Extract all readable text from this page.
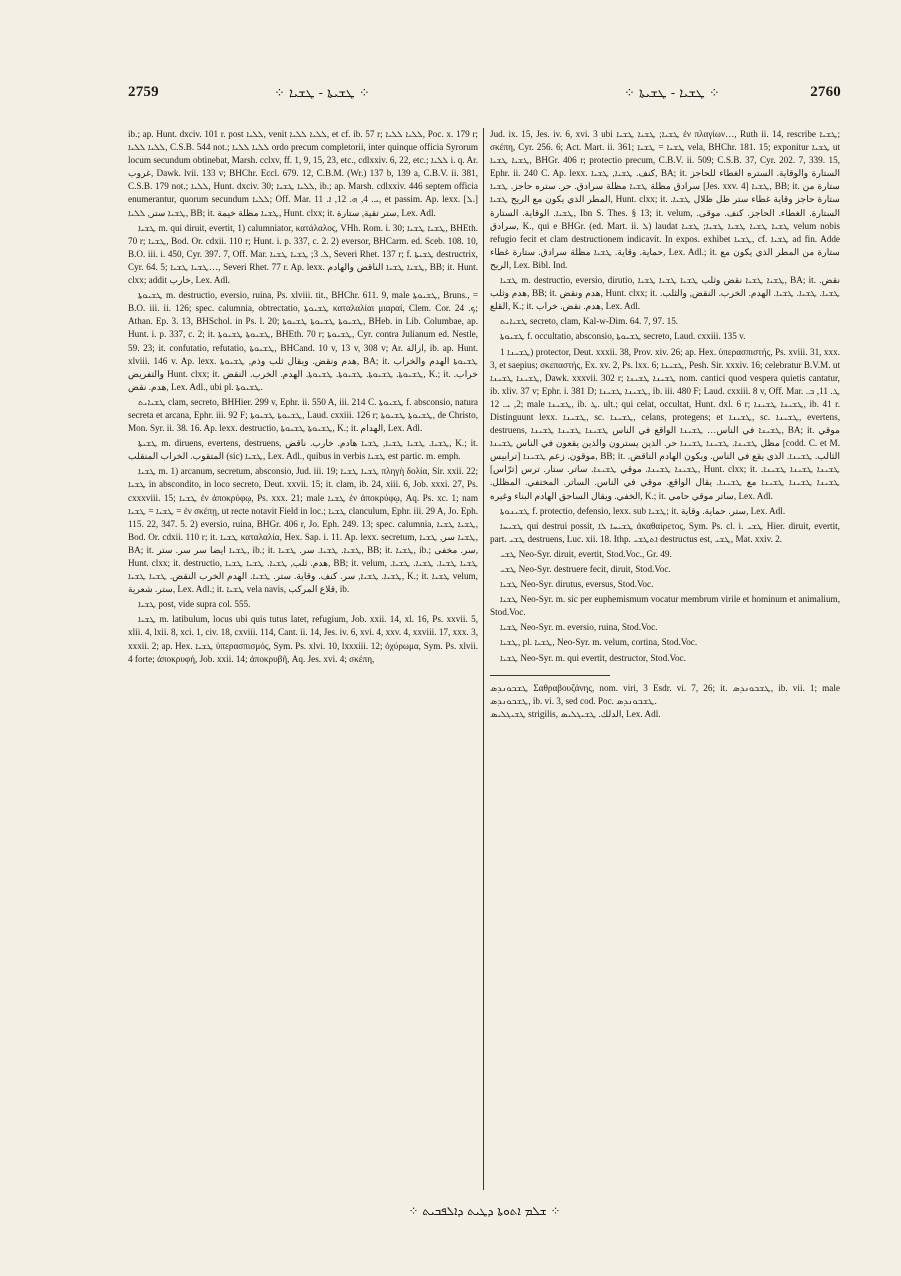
2759	⁘ ܛܫܝܬܐ - ܛܫܝܐ ⁘	⁘ ܛܫܝܐ - ܛܫܝܬܐ ⁘	2760

ib.; ap. Hunt. dxciv. 101 r. post ܠܠܝܐ, venit ܠܠܝܐ ܠܠܝܐ, et cf. ib. 57 r; ܠܠܝܐ ܠܠܝܐ, Poc. x. 179 r; ܠܠܝܐ ܠܠܝܐ, C.S.B. 544 not.; ܠܠܝܐ ܠܠܝܐ ordo precum completorii, inter quinque officia Syrorum locum secundum obtinebat, Marsh. cclxv, ff. 1, 9, 15, 23, etc., cdlxxiv. 6, 22, etc.; ܠܠܝܐ i. q. Ar. غروب, Dawk. lvii. 133 v; BHChr. Eccl. 679. 12, C.B.M. (Wr.) 137 b, 139 a, C.B.V. ii. 381, C.S.B. 179 not.; ܠܠܝܐ, Hunt. dxciv. 30; ܠܠܝܐ ܛܫܝܐ, ib.; ap. Marsh. cdlxxiv. 446 septem officia enumerantur, quorum secundum ܠܠܝܐ; Off. Mar. ܝ. 4, ܗ. 12, ܐ. 11, et passim. Ap. lexx. [ܠ.] ܛܫܝܐ ستر, ܠܠܝܐ, BB; it. ܛܫܝܐ مظلة خيمة, Hunt. clxx; it. ستر تقية, ستارة, Lex. Adl.

ܛܫܝܐ m. qui diruit, evertit, 1) calumniator, κατάλαλος, VHh. Rom. i. 30; ܛܫܝܐ ܛܫܝܐ, BHEth. 70 r; ܛܫܝܐ, Bod. Or. cdxii. 110 r; Hunt. i. p. 337, c. 2. 2) eversor, BHCarm. ed. Sceb. 108. 10, B.O. iii. i. 450, Cyr. 397. 7, Off. Mar. ܠ. 3; ܛܫܝܐ ܛܫܝܐ, Severi Rhet. 137 r; f. ܛܫܝܬܐ destructrix, Cyr. 64. 5; ܛܫܝܐ ܛܫܝܐ…, Severi Rhet. 77 r. Ap. lexx. ܛܫܝܐ ܛܫܝܐ الناقض والهادم, BB; it. Hunt. clxx; addit خارب, Lex. Adl.

ܛܫܝܘܬܐ m. destructio, eversio, ruina, Ps. xlviii. tit., BHChr. 611. 9, male ܛܫܝܘܬܐ, Bruns., = B.O. iii. ii. 126; spec. calumnia, obtrectatio, ܛܫܝܘܬܐ καταλαλίαι μιαραί, Clem. Cor. ܟ. 24; Athan. Ep. 3. 13, BHSchol. in Ps. l. 20; ܛܫܝܘܬܐ ܛܫܝܘܬܐ ܛܫܝܘܬܐ, BHeb. in Lib. Columbae, ap. Hunt. i. p. 337, c. 2; it. ܛܫܝܘܬܐ ܛܫܝܘܬܐ, BHEth. 70 r; ܛܫܝܘܬܐ, Cyr. contra Julianum ed. Nestle, 59. 23; it. confutatio, refutatio, ܛܫܝܘܬܐ, BHCand. 10 v, 13 v, 308 v; Ar. ازالة, ib. ap. Hunt. xlviii. 146 v. Ap. lexx. هدم ونقض. ويقال ثلب وذم, ܛܫܝܘܬܐ, BA; it. ܛܫܝܘܬܐ الهدم والخراب والتفريض Hunt. clxx; it. ܛܫܝܘܬܐ. ܛܫܝܘܬܐ. ܛܫܝܘܬܐ. ܛܫܝܘܬܐ. الهدم. الخرب. النقض, K.; it. خراب. هدم. نقض, Lex. Adl., ubi pl. ܛܫܝܘܬܐ.

ܛܫܝܐܝܬ clam, secreto, BHHier. 299 v, Ephr. ii. 550 A, iii. 214 C. ܛܫܝܘܬܐ f. absconsio, natura secreta et arcana, Ephr. iii. 92 F; ܛܫܝܘܬܐ ܛܫܝܘܬܐ, Laud. cxxiii. 126 r; ܛܫܝܘܬܐ ܛܫܝܘܬܐ, de Christo, Mon. Syr. ii. 38. 16. Ap. lexx. destructio, ܛܫܝܘܬܐ ܛܫܝܘܬܐ, K.; it. الهدام, Lex. Adl.

ܛܫܝܬܐ m. diruens, evertens, destruens, ܛܫܝܐ. ܛܫܝܐ ܛܫܝܐ, ܛܫܝܐ هادم. خارب. ناقض, K.; it. المتقوب. الخراب المنقلب (sic) ܛܫܝܐ, Lex. Adl., quibus in verbis ܛܫܝܐ est partic. m. emph.

ܛܫܝܐ m. 1) arcanum, secretum, absconsio, Jud. iii. 19; ܛܫܝܐ ܛܫܝܐ πληγὴ δολία, Sir. xxii. 22; ܛܫܝܐ in abscondito, in loco secreto, Deut. xxvii. 15; it. clam, ib. 24, xiii. 6, Job. xxxi. 27, Ps. cxxxviii. 15; ܛܫܝܐ ἐν ἀποκρύφῳ, Ps. xxx. 21; male ܛܫܝܐ ἐν ἀποκρύφῳ, Aq. Ps. xc. 1; nam ܛܫܝܐ = ܛܫܝܐ = ἐν σκέπῃ, ut recte notavit Field in loc.; ܛܫܝܐ clanculum, Ephr. iii. 29 A, Jo. Eph. 115. 22, 347. 5. 2) eversio, ruina, BHGr. 406 r, Jo. Eph. 249. 13; spec. calumnia, ܛܫܝܐ ܛܫܝܐ, Bod. Or. cdxii. 110 r; it. ܛܫܝܐ καταλαλία, Hex. Sap. i. 11. Ap. lexx. secretum, ܛܫܝܐ سر, ܛܫܝܐ, BA; it. ܛܫܝܐ ايضا سر سر. ستر, ib.; it. ܛܫܝܐ. ܛܫܝܐ. سر. ܛܫܝܐ, BB; it. ܛܫܝܐ, ib.; سر. مخفى, Hunt. clxx; it. destructio, هدم. ثلب, ܛܫܝܐ. ܛܫܝܐ ܛܫܝܐ, BB; it. velum, ܛܫܝܐ ܛܫܝܐ. ܛܫܝܐ. ܛܫܝܐ. ܛܫܝܐ. ܛܫܝܐ, سر. كنف. وقاية. ستر. ܛܫܝܐ. الهدم الخرب النقض. ܛܫܝܐ ܛܫܝܐ, K.; it. ܛܫܝܐ velum, ستر. شعرية, Lex. Adl.; it. ܛܫܝܐ vela navis, قلاع المركب, ib.

ܛܫܝܐ post, vide supra col. 555.

ܛܫܝܐ m. latibulum, locus ubi quis tutus latet, refugium, Job. xxii. 14, xl. 16, Ps. xxvii. 5, xlii. 4, lxii. 8, xci. 1, civ. 18, cxviii. 114, Cant. ii. 14, Jes. iv. 6, xvi. 4, xxv. 4, xxviii. 17, xxx. 3, xxxii. 2; ap. Hex. ܛܫܝܐ ὑπερασπισμός, Sym. Ps. xlvi. 10, lxxxiii. 12; ὀχύρωμα, Sym. Ps. xlvii. 4 forte; ἀποκρυφή, Job. xxii. 14; ἀποκρυβῆ, Aq. Jes. xvi. 4; σκέπη,

Jud. ix. 15, Jes. iv. 6, xvi. 3 ubi ܛܫܝܐ; ܛܫܝܐ ܛܫܝܐ ἐν πλαγίων…, Ruth ii. 14, rescribe ܛܫܝܐ; σκέπη, Cyr. 256. 6; Act. Mart. ii. 361; ܛܫܝܐ = ܛܫܝܐ vela, BHChr. 181. 15; exponitur ܛܫܝܐ ut ܛܫܝܐ ܛܫܝܐ, BHGr. 406 r; protectio precum, C.B.V. ii. 509; C.S.B. 37, Cyr. 202. 7, 339. 15, Ephr. ii. 240 C. Ap. lexx. كنف. ܛܫܝܐ, ܛܫܝܐ, BA; it. الستارة والوقاية. الستره الغطاء للحاجز سرادق مظلة ܛܫܝܐ مظلة سرادق. حر. ستره حاجز. ܛܫܝܐ [Jes. xxv. 4] ܛܫܝܐ, BB; it. ستارة من المطر الذي يكون مع الريح ܛܫܝܐ, Hunt. clxx; it. ستارة حاجز وقاية غطاء ستر ظل ظلال ܛܫܝܐ. ܛܫܝܐ. الوقاية. الستارة, Ibn S. Thes. § 13; it. velum, الستارة. الغطاء. الحاجز. كنف. موقى. سرادق, K., qui e BHGr. (ed. Mart. ii. ܠ) laudat ܛܫܝܐ ܛܫܝܐ ܛܫܝܐ ܛܫܝܐ; ܛܫܝܐ velum nobis refugio fecit et clam destructionem indicavit. In expos. exhibet ܛܫܝܐ, cf. ܛܫܝܐ ad fin. Adde حماية. وقاية. ܛܫܝܐ مظلة سرادق. ستارة غطاء, Lex. Adl.; it. ستارة من المطر الذي يكون مع الريح, Lex. Bibl. Ind.

ܛܫܝܐ m. destructio, eversio, dirutio, ܛܫܝܐ ܛܫܝܐ نقض وثلب ܛܫܝܐ ܛܫܝܐ ܛܫܝܐ, BA; it. نقض. هدم وثلب, BB; it. هدم ونقض, Hunt. clxx; it. ܛܫܝܐ. ܛܫܝܐ. ܛܫܝܐ. الهدم. الخرب. النقض, والثلب. القلع, K.; it. هدم. نقض. خراب, Lex. Adl.

ܛܫܝܐܝܬ secreto, clam, Kal-w-Dim. 64. 7, 97. 15.

ܛܫܝܘܬܐ f. occultatio, absconsio, ܛܫܝܘܬܐ secreto, Laud. cxxiii. 135 v.

ܛܫܝܢܐ 1) protector, Deut. xxxii. 38, Prov. xiv. 26; ap. Hex. ὑπερασπιστής, Ps. xviii. 31, xxx. 3, et saepius; σκεπαστής, Ex. xv. 2, Ps. lxx. 6; ܛܫܝܢܐ, Pesh. Sir. xxxiv. 16; celebratur B.V.M. ut ܛܫܝܢܐ ܛܫܝܢܐ, Dawk. xxxvii. 302 r; ܛܫܝܢܐ ܛܫܝܢܐ nom. cantici quod vespera quietis cantatur, ib. xliv. 37 v; Ephr. i. 381 D; ܛܫܝܢܐ ܛܫܝܢܐ, ib. iii. 480 F; Laud. cxxiii. 8 v, Off. Mar. ܛ. 11, ܒ. 2, ܝ. 12; male ܛܫܝܢܐ, ib. ܛ. ult.; qui celat, occultat, Hunt. dxl. 6 r; ܛܫܝܢܐ ܛܫܝܢܐ, ib. 41 r. Distinguunt lexx. ܛܫܝܢܐ, sc. ܛܫܝܢܐ, celans, protegens; et ܛܫܝܢܐ, sc. ܛܫܝܢܐ, evertens, destruens, ܛܫܝܢܐ في الناس… ܛܫܝܢܐ الواقع في الناس ܛܫܝܢܐ ܛܫܝܢܐ ܛܫܝܢܐ, BA; it. موقي مظل ܛܫܝܢܐ. ܛܫܝܢܐ ܛܫܝܢܐ حر. الذين يسترون والذين يقعون في الناس ܛܫܝܢܐ [codd. C. et M. ترابيس] موقون. زعم ܛܫܝܢܐ, BB; it. الثالب. ܛܫܝܢܐ. الذي يقع في الناس. ويكون الهادم الناقض. ܛܫܝܢܐ ܛܫܝܢܐ. موقي ܛܫܝܢܐ. ساتر. ستار. ترس [ترّاس], Hunt. clxx; it. ܛܫܝܢܐ ܛܫܝܢܐ ܛܫܝܢܐ. ܛܫܝܢܐ ܛܫܝܢܐ ܛܫܝܢܐ مع ܛܫܝܢܐ. يقال الواقع. موقي في الناس. الساتر. المختفي. المظلل. الخفي. ويقال الساحق الهادم البناء وغيره, K.; it. ساتر موقي حامي, Lex. Adl.

ܛܫܝܢܘܬܐ f. protectio, defensio, lexx. sub ܛܫܝܐ; it. ستر. حماية. وقاية, Lex. Adl.

ܛܫܝܚܐ qui destrui possit, ܛܫܝܚܐ ܠܐ ἀκαθαίρετος, Sym. Ps. cl. i. ܛܫܝ Hier. diruit, evertit, part. ܛܫܝ destruens, Luc. xii. 18. Ithp. ܐܬܛܫܝ destructus est, ܛܫܝ, Mat. xxiv. 2.

ܛܫܝ Neo-Syr. diruit, evertit, Stod.Voc., Gr. 49.

ܛܫܝ Neo-Syr. destruere fecit, diruit, Stod.Voc.

ܛܫܝܐ Neo-Syr. dirutus, eversus, Stod.Voc.

ܛܫܝܐ Neo-Syr. m. sic per euphemismum vocatur membrum virile et hominum et animalium, Stod.Voc.

ܛܫܝܐ Neo-Syr. m. eversio, ruina, Stod.Voc.

ܛܫܝܐ, pl. ܛܫܝܐ, Neo-Syr. m. velum, cortina, Stod.Voc.

ܛܫܝܐ Neo-Syr. m. qui evertit, destructor, Stod.Voc.

ܛܫܒܘܢܕܣ Σαθραβουζάνης, nom. viri, 3 Esdr. vi. 7, 26; it. ܛܫܒܘܢܕܣ, ib. vii. 1; male ܛܫܒܘܢܕܣ, ib. vi. 3, sed cod. Poc. ܛܫܒܘܢܕܣ.

ܛܫܝܓܠܝܣ strigilis, الدلك. ܛܫܝܓܠܝܣ, Lex. Adl.

⁘ ܫܠܡ ܐܬܘܬܐ ܕܛܝܬ ܕܐܠܦܒܝܬ ⁘
